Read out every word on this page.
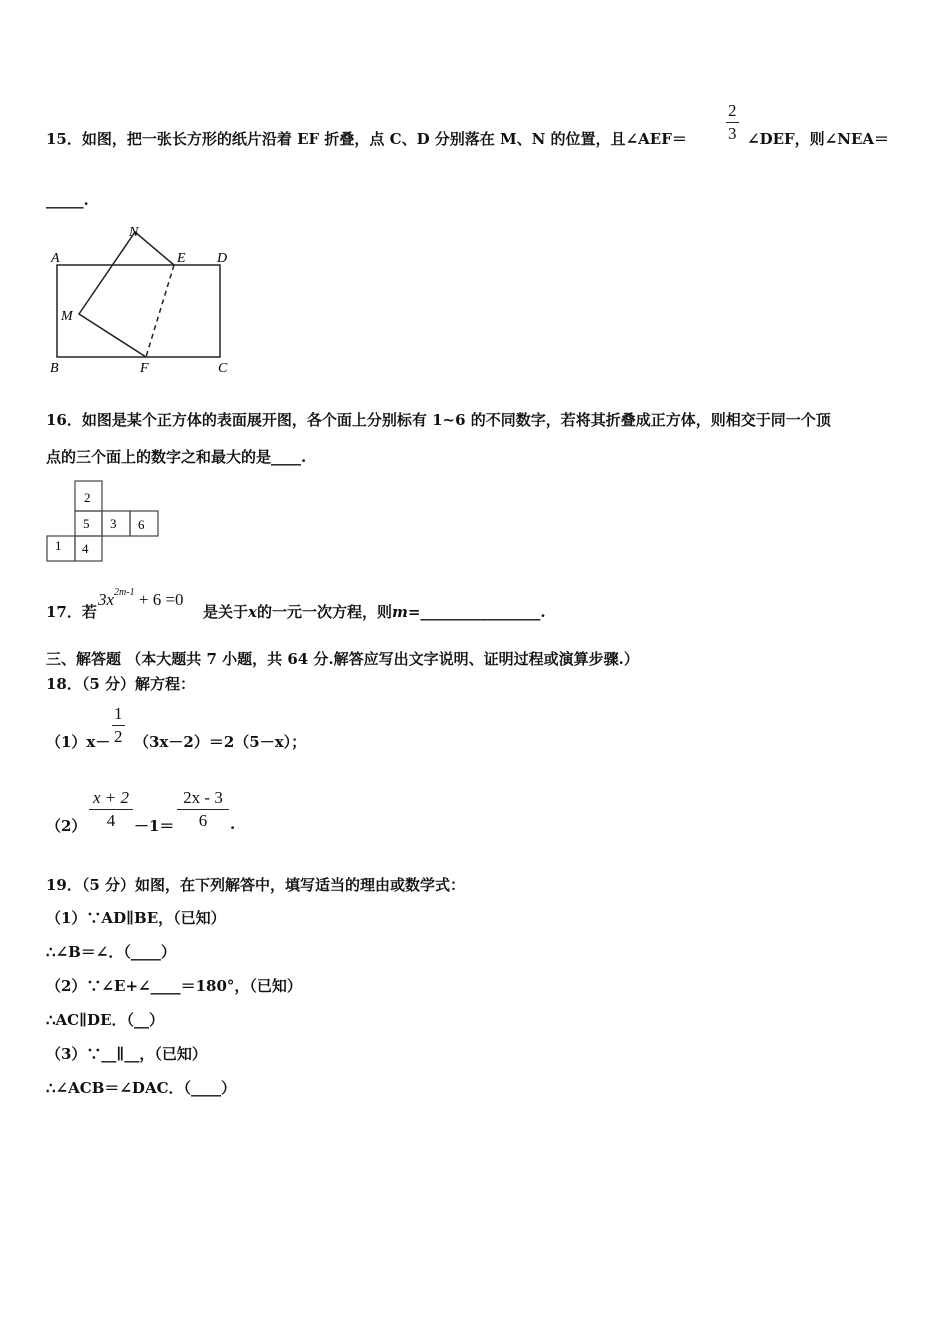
15．如图，把一张长方形的纸片沿着 EF 折叠，点 C、D 分别落在 M、N 的位置，且∠AEF＝ $\frac{2}{3}$ ∠DEF，则∠NEA＝
_____.
A	D
N
E
M
B	F	C
16．如图是某个正方体的表面展开图，各个面上分别标有 1~6 的不同数字，若将其折叠成正方体，则相交于同一个顶
点的三个面上的数字之和最大的是____.
2
5 3 6
1 4
17．若
$3x^{2m-1} + 6 =0$
是关于x的一元一次方程，则m=________________.
三、解答题 （本大题共 7 小题，共 64 分.解答应写出文字说明、证明过程或演算步骤.）
18．（5 分）解方程：
$(1)x- \frac{1}{2} (3x-2)=2(5-x)$；
$(2) \frac{x + 2}{4} -1= \frac{2x - 3}{6}$ .
19．（5 分）如图，在下列解答中，填写适当的理由或数学式：
（1）∵AD∥BE，（已知）
∴∠B＝∠．（____）
（2）∵∠E+∠____＝180°，（已知）
∴AC∥DE．（__）
（3）∵__∥__，（已知）
∴∠ACB＝∠DAC．（____）
